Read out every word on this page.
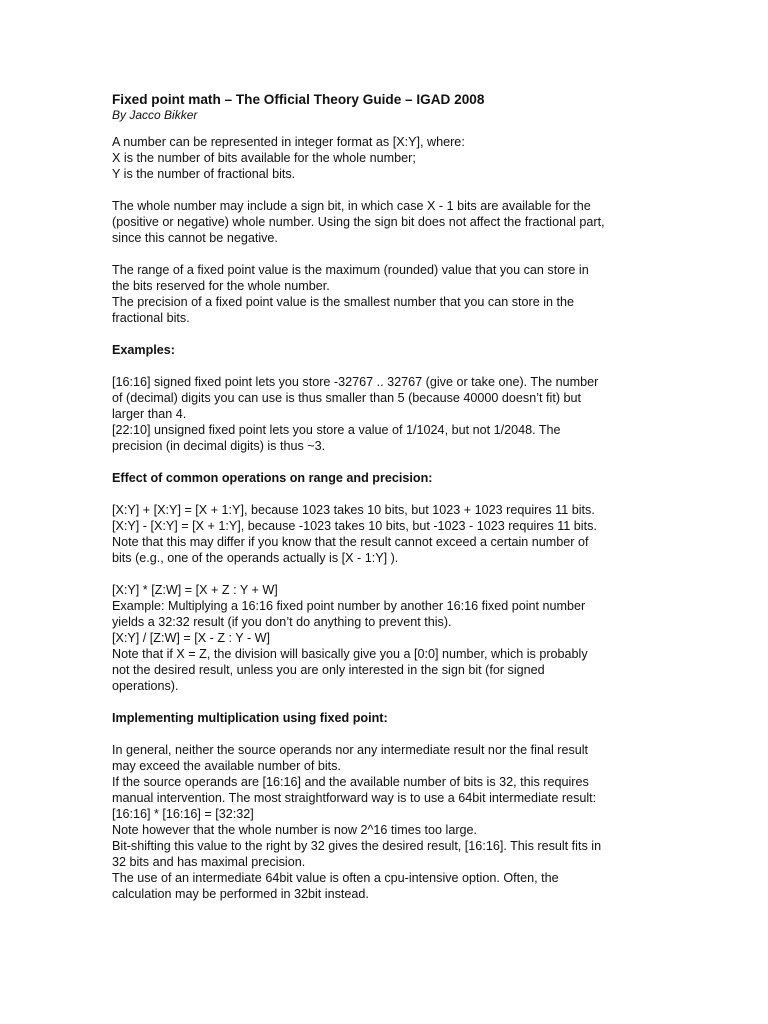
Fixed point math – The Official Theory Guide – IGAD 2008

By Jacco Bikker

A number can be represented in integer format as [X:Y], where:
X is the number of bits available for the whole number;
Y is the number of fractional bits.
The whole number may include a sign bit, in which case X - 1 bits are available for the
(positive or negative) whole number. Using the sign bit does not affect the fractional part,
since this cannot be negative.
The range of a fixed point value is the maximum (rounded) value that you can store in
the bits reserved for the whole number.
The precision of a fixed point value is the smallest number that you can store in the
fractional bits.

Examples:

[16:16] signed fixed point lets you store -32767 .. 32767 (give or take one). The number
of (decimal) digits you can use is thus smaller than 5 (because 40000 doesn’t fit) but
larger than 4.
[22:10] unsigned fixed point lets you store a value of 1/1024, but not 1/2048. The
precision (in decimal digits) is thus ~3.

Effect of common operations on range and precision:

[X:Y] + [X:Y] = [X + 1:Y], because 1023 takes 10 bits, but 1023 + 1023 requires 11 bits.
[X:Y] - [X:Y] = [X + 1:Y], because -1023 takes 10 bits, but -1023 - 1023 requires 11 bits.
Note that this may differ if you know that the result cannot exceed a certain number of
bits (e.g., one of the operands actually is [X - 1:Y] ).
[X:Y] * [Z:W] = [X + Z : Y + W]
Example: Multiplying a 16:16 fixed point number by another 16:16 fixed point number
yields a 32:32 result (if you don’t do anything to prevent this).
[X:Y] / [Z:W] = [X - Z : Y - W]
Note that if X = Z, the division will basically give you a [0:0] number, which is probably
not the desired result, unless you are only interested in the sign bit (for signed
operations).

Implementing multiplication using fixed point:

In general, neither the source operands nor any intermediate result nor the final result
may exceed the available number of bits.
If the source operands are [16:16] and the available number of bits is 32, this requires
manual intervention. The most straightforward way is to use a 64bit intermediate result:
[16:16] * [16:16] = [32:32]
Note however that the whole number is now 2^16 times too large.
Bit-shifting this value to the right by 32 gives the desired result, [16:16]. This result fits in
32 bits and has maximal precision.
The use of an intermediate 64bit value is often a cpu-intensive option. Often, the
calculation may be performed in 32bit instead.
